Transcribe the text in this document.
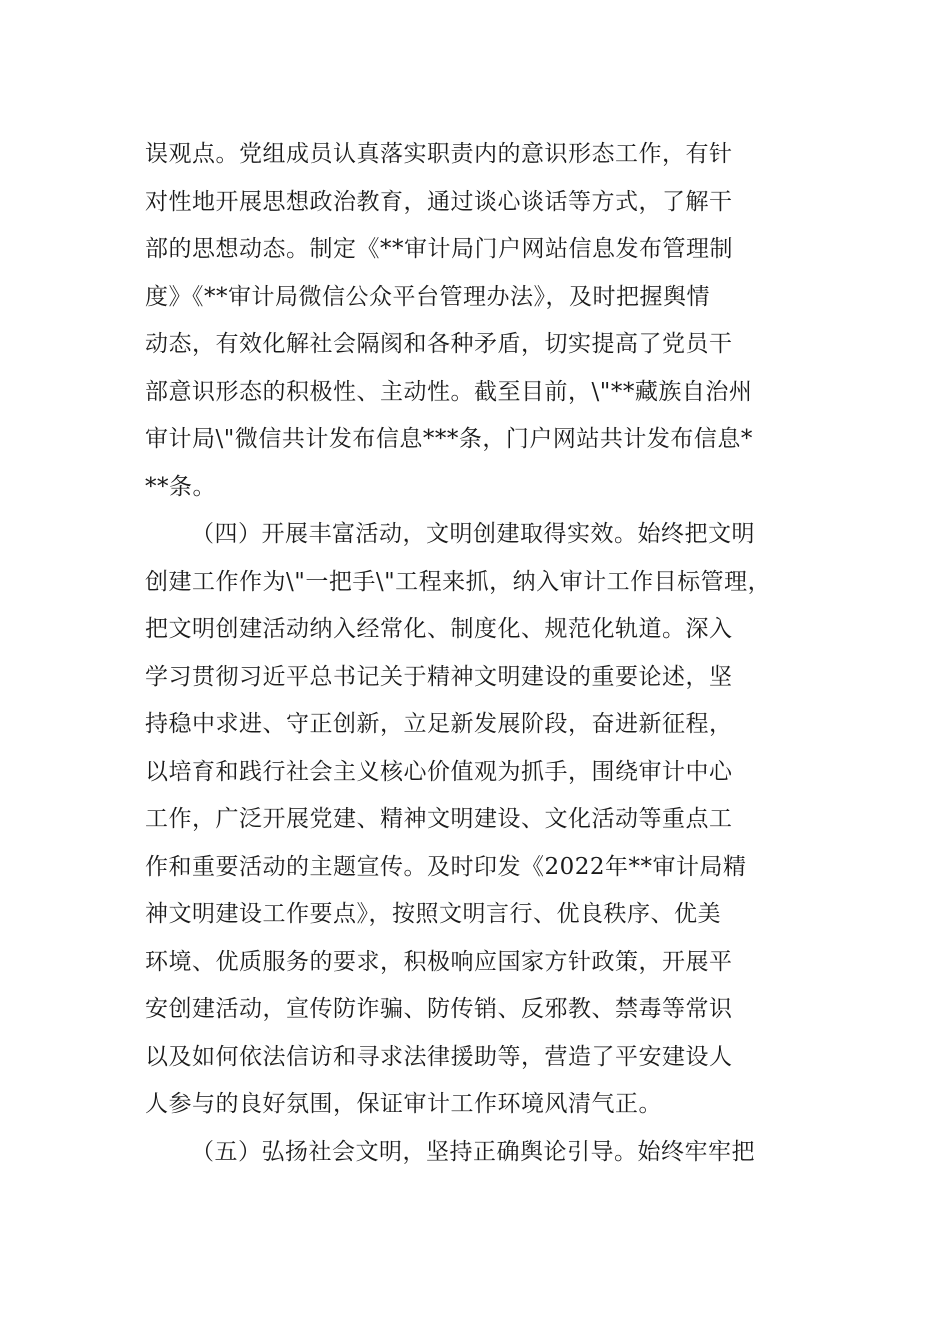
误观点。党组成员认真落实职责内的意识形态工作，有针
对性地开展思想政治教育，通过谈心谈话等方式，了解干
部的思想动态。制定《**审计局门户网站信息发布管理制
度》《**审计局微信公众平台管理办法》，及时把握舆情
动态，有效化解社会隔阂和各种矛盾，切实提高了党员干
部意识形态的积极性、主动性。截至目前，\"**藏族自治州
审计局\"微信共计发布信息***条，门户网站共计发布信息*
**条。
（四）开展丰富活动，文明创建取得实效。始终把文明
创建工作作为\"一把手\"工程来抓，纳入审计工作目标管理，
把文明创建活动纳入经常化、制度化、规范化轨道。深入
学习贯彻习近平总书记关于精神文明建设的重要论述，坚
持稳中求进、守正创新，立足新发展阶段，奋进新征程，
以培育和践行社会主义核心价值观为抓手，围绕审计中心
工作，广泛开展党建、精神文明建设、文化活动等重点工
作和重要活动的主题宣传。及时印发《2022年**审计局精
神文明建设工作要点》，按照文明言行、优良秩序、优美
环境、优质服务的要求，积极响应国家方针政策，开展平
安创建活动，宣传防诈骗、防传销、反邪教、禁毒等常识
以及如何依法信访和寻求法律援助等，营造了平安建设人
人参与的良好氛围，保证审计工作环境风清气正。
（五）弘扬社会文明，坚持正确舆论引导。始终牢牢把
